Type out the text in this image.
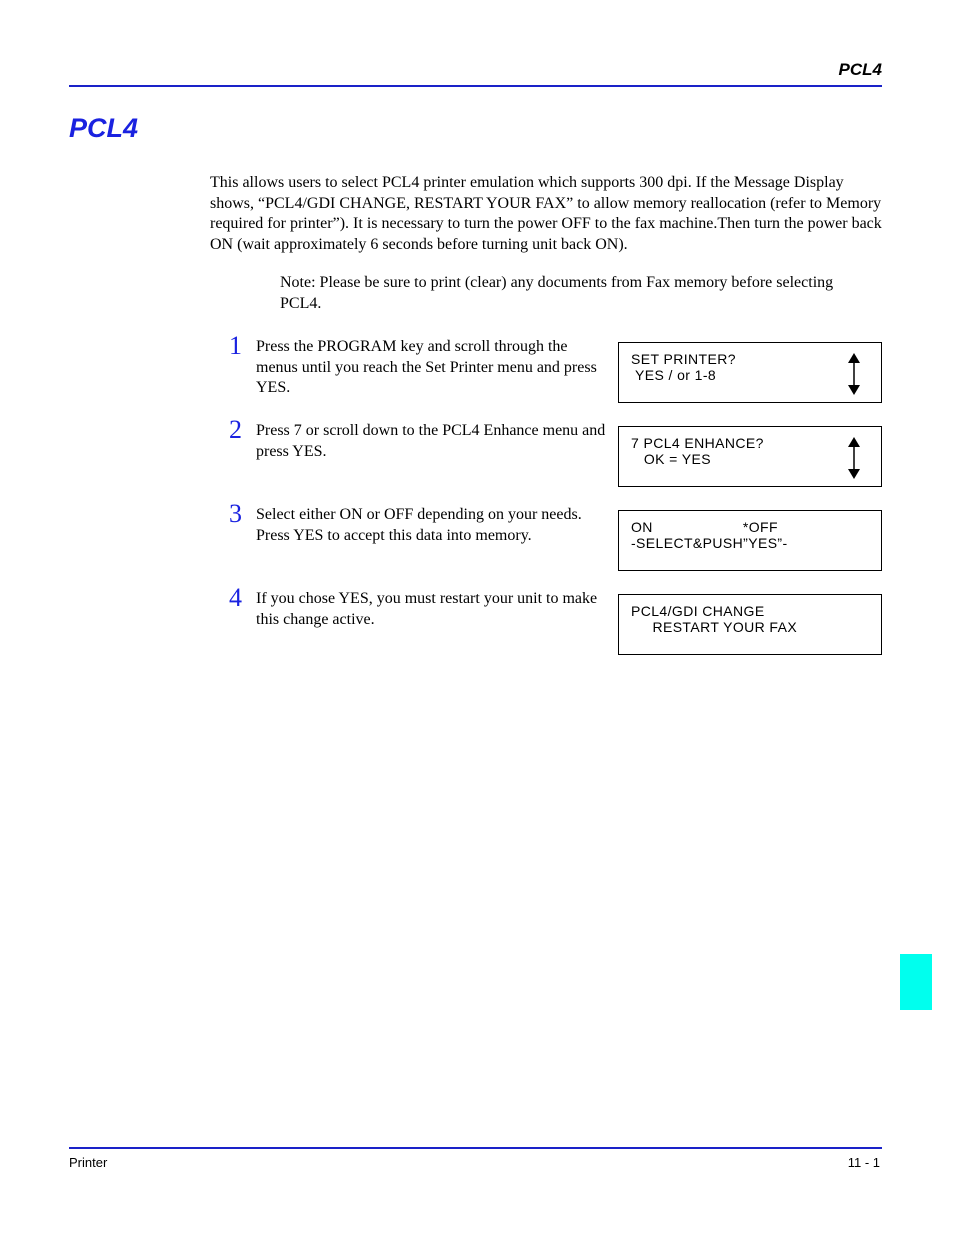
PCL4
PCL4
This allows users to select PCL4 printer emulation which supports 300 dpi. If the Message Display shows, “PCL4/GDI CHANGE, RESTART YOUR FAX” to allow memory reallocation (refer to Memory required for printer”). It is necessary to turn the power OFF to the fax machine.Then turn the power back ON (wait approximately 6 seconds before turning unit back ON).
Note: Please be sure to print (clear) any documents from Fax memory before selecting PCL4.
1 Press the PROGRAM key and scroll through the menus until you reach the Set Printer menu and press YES.
SET PRINTER?
YES / or 1-8
2 Press 7 or scroll down to the PCL4 Enhance menu and press YES.	7 PCL4 ENHANCE?
OK = YES
3 Select either ON or OFF depending on your needs. Press YES to accept this data into memory.	ON                     *OFF
-SELECT&PUSH”YES”-
4 If you chose YES, you must restart your unit to make this change active.	PCL4/GDI CHANGE
RESTART YOUR FAX
Printer	11 - 1
